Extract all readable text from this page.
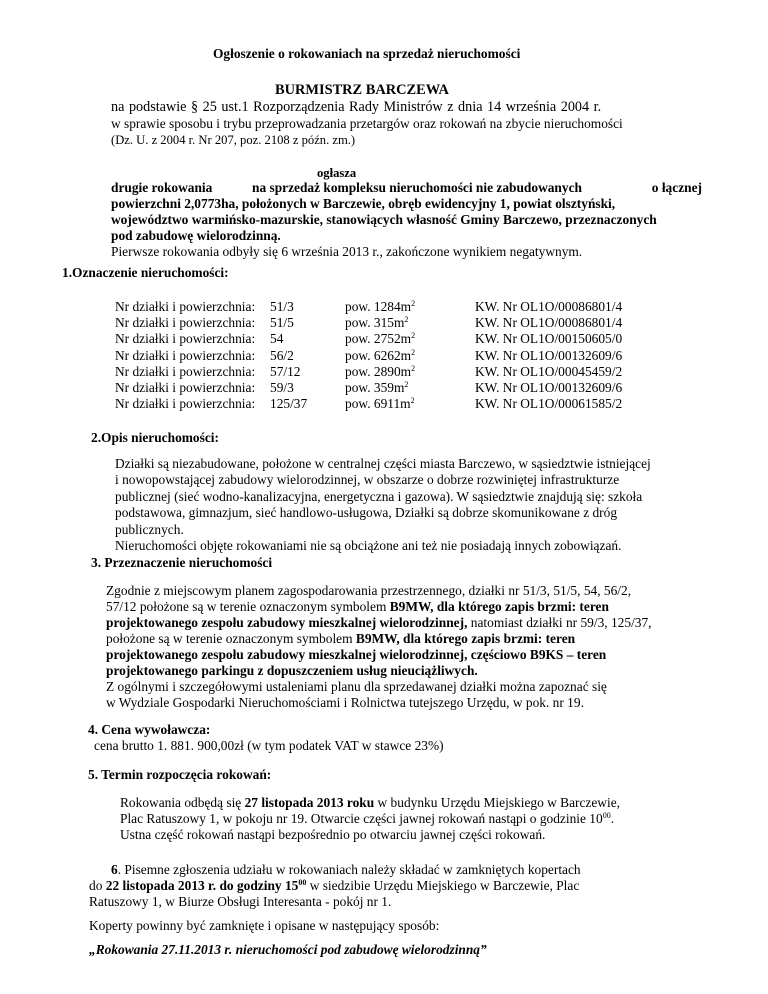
Ogłoszenie o rokowaniach na sprzedaż nieruchomości
BURMISTRZ BARCZEWA
na podstawie § 25 ust.1 Rozporządzenia Rady Ministrów z dnia 14 września 2004 r.
w sprawie sposobu i trybu przeprowadzania przetargów oraz rokowań na zbycie nieruchomości
(Dz. U. z 2004 r. Nr 207, poz. 2108 z późn. zm.)
ogłasza
drugie rokowania	na sprzedaż kompleksu nieruchomości nie zabudowanych	o łącznej
powierzchni 2,0773ha, położonych w Barczewie, obręb ewidencyjny 1, powiat olsztyński,
województwo warmińsko-mazurskie, stanowiących własność Gminy Barczewo, przeznaczonych
pod zabudowę wielorodzinną.
Pierwsze rokowania odbyły się 6 września 2013 r., zakończone wynikiem negatywnym.
1.Oznaczenie nieruchomości:
Nr działki i powierzchnia:	51/3	pow. $1284m^2$	KW. Nr OL1O/00086801/4
Nr działki i powierzchnia:	51/5	pow. $315m^2$	KW. Nr OL1O/00086801/4
Nr działki i powierzchnia:	54	pow. $2752m^2$	KW. Nr OL1O/00150605/0
Nr działki i powierzchnia:	56/2	pow. $6262m^2$	KW. Nr OL1O/00132609/6
Nr działki i powierzchnia:	57/12	pow. $2890m^2$	KW. Nr OL1O/00045459/2
Nr działki i powierzchnia:	59/3	pow. $359m^2$	KW. Nr OL1O/00132609/6
Nr działki i powierzchnia:	125/37	pow. $6911m^2$	KW. Nr OL1O/00061585/2
2.Opis nieruchomości:
Działki są niezabudowane, położone w centralnej części miasta Barczewo, w sąsiedztwie istniejącej
i nowopowstającej zabudowy wielorodzinnej, w obszarze o dobrze rozwiniętej infrastrukturze
publicznej (sieć wodno-kanalizacyjna, energetyczna i gazowa). W sąsiedztwie znajdują się: szkoła
podstawowa, gimnazjum, sieć handlowo-usługowa, Działki są dobrze skomunikowane z dróg
publicznych.
Nieruchomości objęte rokowaniami nie są obciążone ani też nie posiadają innych zobowiązań.
3. Przeznaczenie nieruchomości
Zgodnie z miejscowym planem zagospodarowania przestrzennego, działki nr 51/3, 51/5, 54, 56/2,
57/12 położone są w terenie oznaczonym symbolem B9MW, dla którego zapis brzmi: teren
projektowanego zespołu zabudowy mieszkalnej wielorodzinnej, natomiast działki nr 59/3, 125/37,
położone są w terenie oznaczonym symbolem B9MW, dla którego zapis brzmi: teren
projektowanego zespołu zabudowy mieszkalnej wielorodzinnej, częściowo B9KS – teren
projektowanego parkingu z dopuszczeniem usług nieuciążliwych.
Z ogólnymi i szczegółowymi ustaleniami planu dla sprzedawanej działki można zapoznać się
w Wydziale Gospodarki Nieruchomościami i Rolnictwa tutejszego Urzędu, w pok. nr 19.
4. Cena wywoławcza:
cena brutto 1. 881. 900,00zł (w tym podatek VAT w stawce 23%)
5. Termin rozpoczęcia rokowań:
Rokowania odbędą się 27 listopada 2013 roku w budynku Urzędu Miejskiego w Barczewie,
Plac Ratuszowy 1, w pokoju nr 19. Otwarcie części jawnej rokowań nastąpi o godzinie $10^{00}$.
Ustna część rokowań nastąpi bezpośrednio po otwarciu jawnej części rokowań.
6. Pisemne zgłoszenia udziału w rokowaniach należy składać w zamkniętych kopertach
do 22 listopada 2013 r. do godziny $15^{00}$ w siedzibie Urzędu Miejskiego w Barczewie, Plac
Ratuszowy 1, w Biurze Obsługi Interesanta - pokój nr 1.
Koperty powinny być zamknięte i opisane w następujący sposób:
„Rokowania 27.11.2013 r. nieruchomości pod zabudowę wielorodzinną”
